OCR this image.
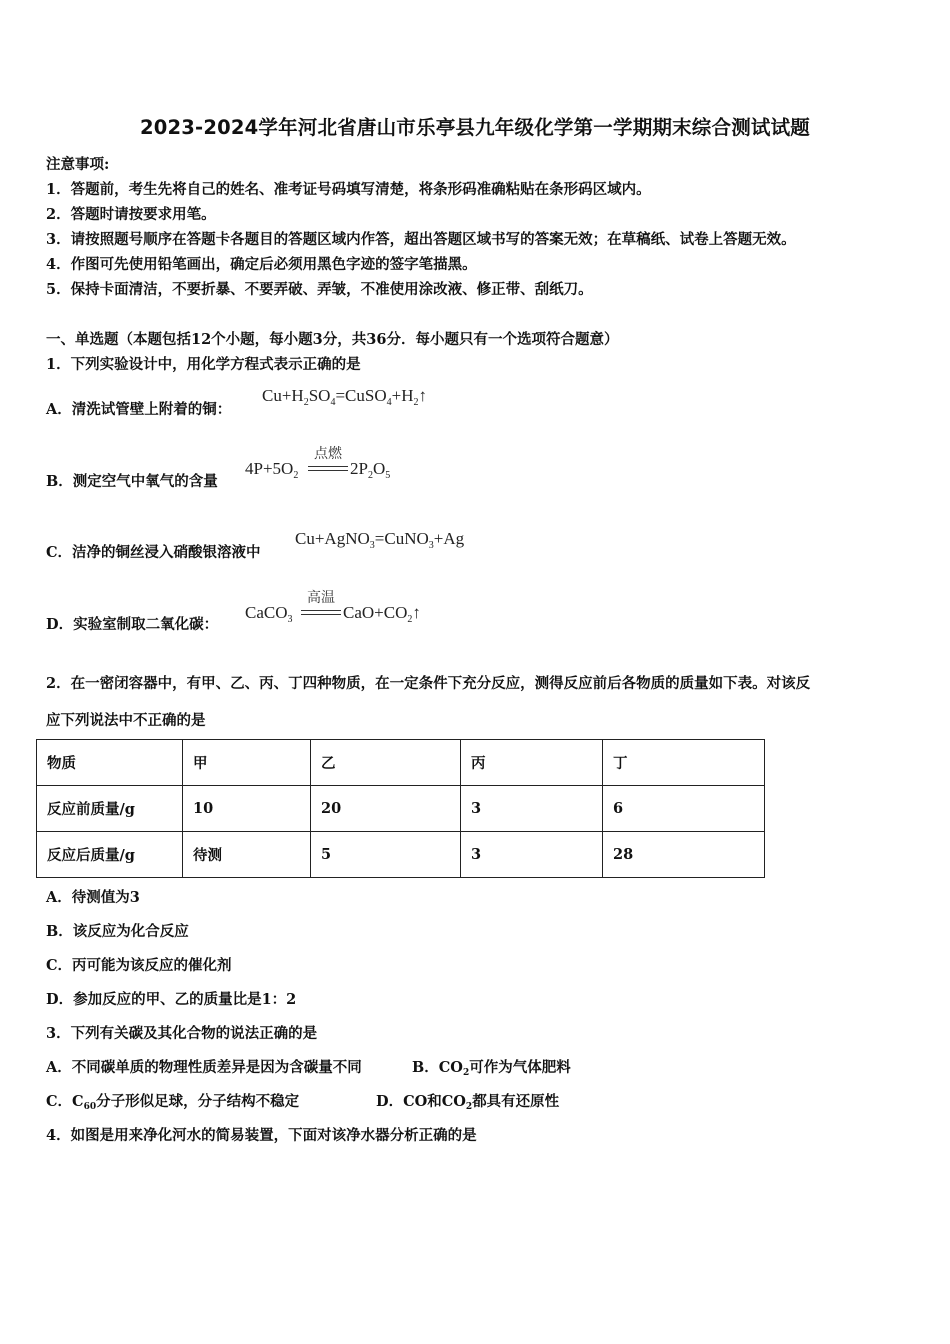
2023-2024学年河北省唐山市乐亭县九年级化学第一学期期末综合测试试题
注意事项:
1．答题前，考生先将自己的姓名、准考证号码填写清楚，将条形码准确粘贴在条形码区域内。
2．答题时请按要求用笔。
3．请按照题号顺序在答题卡各题目的答题区域内作答，超出答题区域书写的答案无效；在草稿纸、试卷上答题无效。
4．作图可先使用铅笔画出，确定后必须用黑色字迹的签字笔描黑。
5．保持卡面清洁，不要折暴、不要弄破、弄皱，不准使用涂改液、修正带、刮纸刀。
一、单选题（本题包括12个小题，每小题3分，共36分．每小题只有一个选项符合题意）
1．下列实验设计中，用化学方程式表示正确的是
A．清洗试管壁上附着的铜：
$Cu+H_2SO_4=CuSO_4+H_2↑$
B．测定空气中氧气的含量
$4P+5O_2$
点燃
$2P_2O_5$
C．洁净的铜丝浸入硝酸银溶液中
Cu+AgNO$_3$=CuNO$_3$+Ag
D．实验室制取二氧化碳：
CaCO$_3$
高温
$CaO+CO_2↑$
2．在一密闭容器中，有甲、乙、丙、丁四种物质，在一定条件下充分反应，测得反应前后各物质的质量如下表。对该反
应下列说法中不正确的是
物质	甲	乙	丙	丁
反应前质量/g	10	20	3	6
反应后质量/g	待测	5	3	28
A．待测值为3
B．该反应为化合反应
C．丙可能为该反应的催化剂
D．参加反应的甲、乙的质量比是1：2
3．下列有关碳及其化合物的说法正确的是
A．不同碳单质的物理性质差异是因为含碳量不同	B．$CO_2$可作为气体肥料
C．$C_{60}$分子形似足球，分子结构不稳定	D．CO和$CO_2$都具有还原性
4．如图是用来净化河水的简易装置，下面对该净水器分析正确的是
